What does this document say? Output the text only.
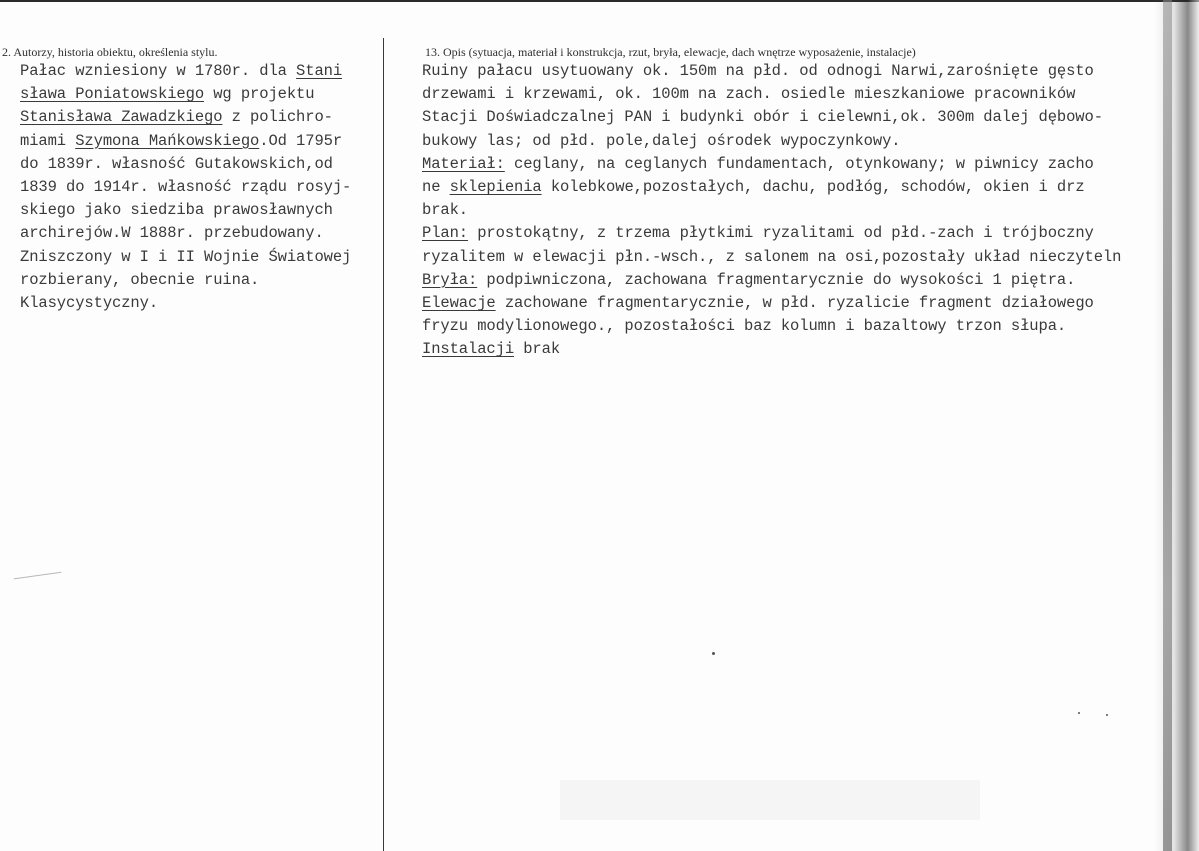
2. Autorzy, historia obiektu, określenia stylu.	13. Opis (sytuacja, materiał i konstrukcja, rzut, bryła, elewacje, dach wnętrze wyposażenie, instalacje)
Pałac wzniesiony w 1780r. dla Stani
sława Poniatowskiego wg projektu
Stanisława Zawadzkiego z polichro-
miami Szymona Mańkowskiego.Od 1795r
do 1839r. własność Gutakowskich,od
1839 do 1914r. własność rządu rosyj-
skiego jako siedziba prawosławnych
archirejów.W 1888r. przebudowany.
Zniszczony w I i II Wojnie Światowej
rozbierany, obecnie ruina.
Klasycystyczny.
Ruiny pałacu usytuowany ok. 150m na płd. od odnogi Narwi,zarośnięte gęsto
drzewami i krzewami, ok. 100m na zach. osiedle mieszkaniowe pracowników
Stacji Doświadczalnej PAN i budynki obór i cielewni,ok. 300m dalej dębowo-
bukowy las; od płd. pole,dalej ośrodek wypoczynkowy.
Materiał: ceglany, na ceglanych fundamentach, otynkowany; w piwnicy zacho
ne sklepienia kolebkowe,pozostałych, dachu, podłóg, schodów, okien i drz
brak.
Plan: prostokątny, z trzema płytkimi ryzalitami od płd.-zach i trójboczny
ryzalitem w elewacji płn.-wsch., z salonem na osi,pozostały układ nieczyteln
Bryła: podpiwniczona, zachowana fragmentarycznie do wysokości 1 piętra.
Elewacje zachowane fragmentarycznie, w płd. ryzalicie fragment działowego
fryzu modylionowego., pozostałości baz kolumn i bazaltowy trzon słupa.
Instalacji brak
